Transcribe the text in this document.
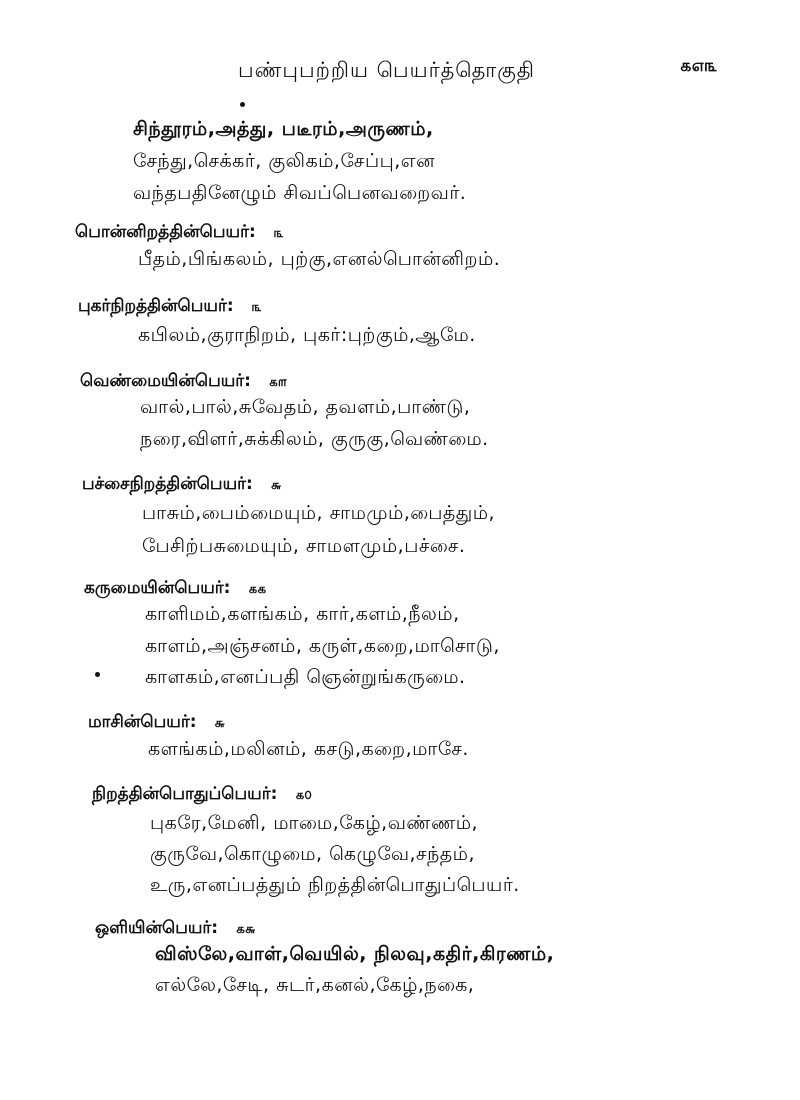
பண்புபற்றிய பெயர்த்தொகுதி	௧௭௩
சிந்தூரம்,அத்து, படீரம்,அருணம்,
சேந்து,செக்கர், குலிகம்,சேப்பு,என
வந்தபதினேழும் சிவப்பெனவறைவர்.
பொன்னிறத்தின்பெயர்: ௩
பீதம்,பிங்கலம், புற்கு,எனல்பொன்னிறம்.
புகர்நிறத்தின்பெயர்: ௩
கபிலம்,குராநிறம், புகர்:புற்கும்,ஆமே.
வெண்மையின்பெயர்: ௧௱
வால்,பால்,சுவேதம், தவளம்,பாண்டு,
நரை,விளர்,சுக்கிலம், குருகு,வெண்மை.
பச்சைநிறத்தின்பெயர்: ௬
பாசும்,பைம்மையும், சாமமும்,பைத்தும்,
பேசிற்பசுமையும், சாமளமும்,பச்சை.
கருமையின்பெயர்: ௧௧
காளிமம்,களங்கம், கார்,களம்,நீலம்,
காளம்,அஞ்சனம், கருள்,கறை,மாசொடு,
காளகம்,எனப்பதி ஞென்றுங்கருமை.
மாசின்பெயர்: ௬
களங்கம்,மலினம், கசடு,கறை,மாசே.
நிறத்தின்பொதுப்பெயர்: ௧௦
புகரே,மேனி, மாமை,கேழ்,வண்ணம்,
குருவே,கொழுமை, கெழுவே,சந்தம்,
உரு,எனப்பத்தும் நிறத்தின்பொதுப்பெயர்.
ஒளியின்பெயர்: ௧௬
விஸ்லே,வாள்,வெயில், நிலவு,கதிர்,கிரணம்,
எல்லே,சேடி, சுடர்,கனல்,கேழ்,நகை,
